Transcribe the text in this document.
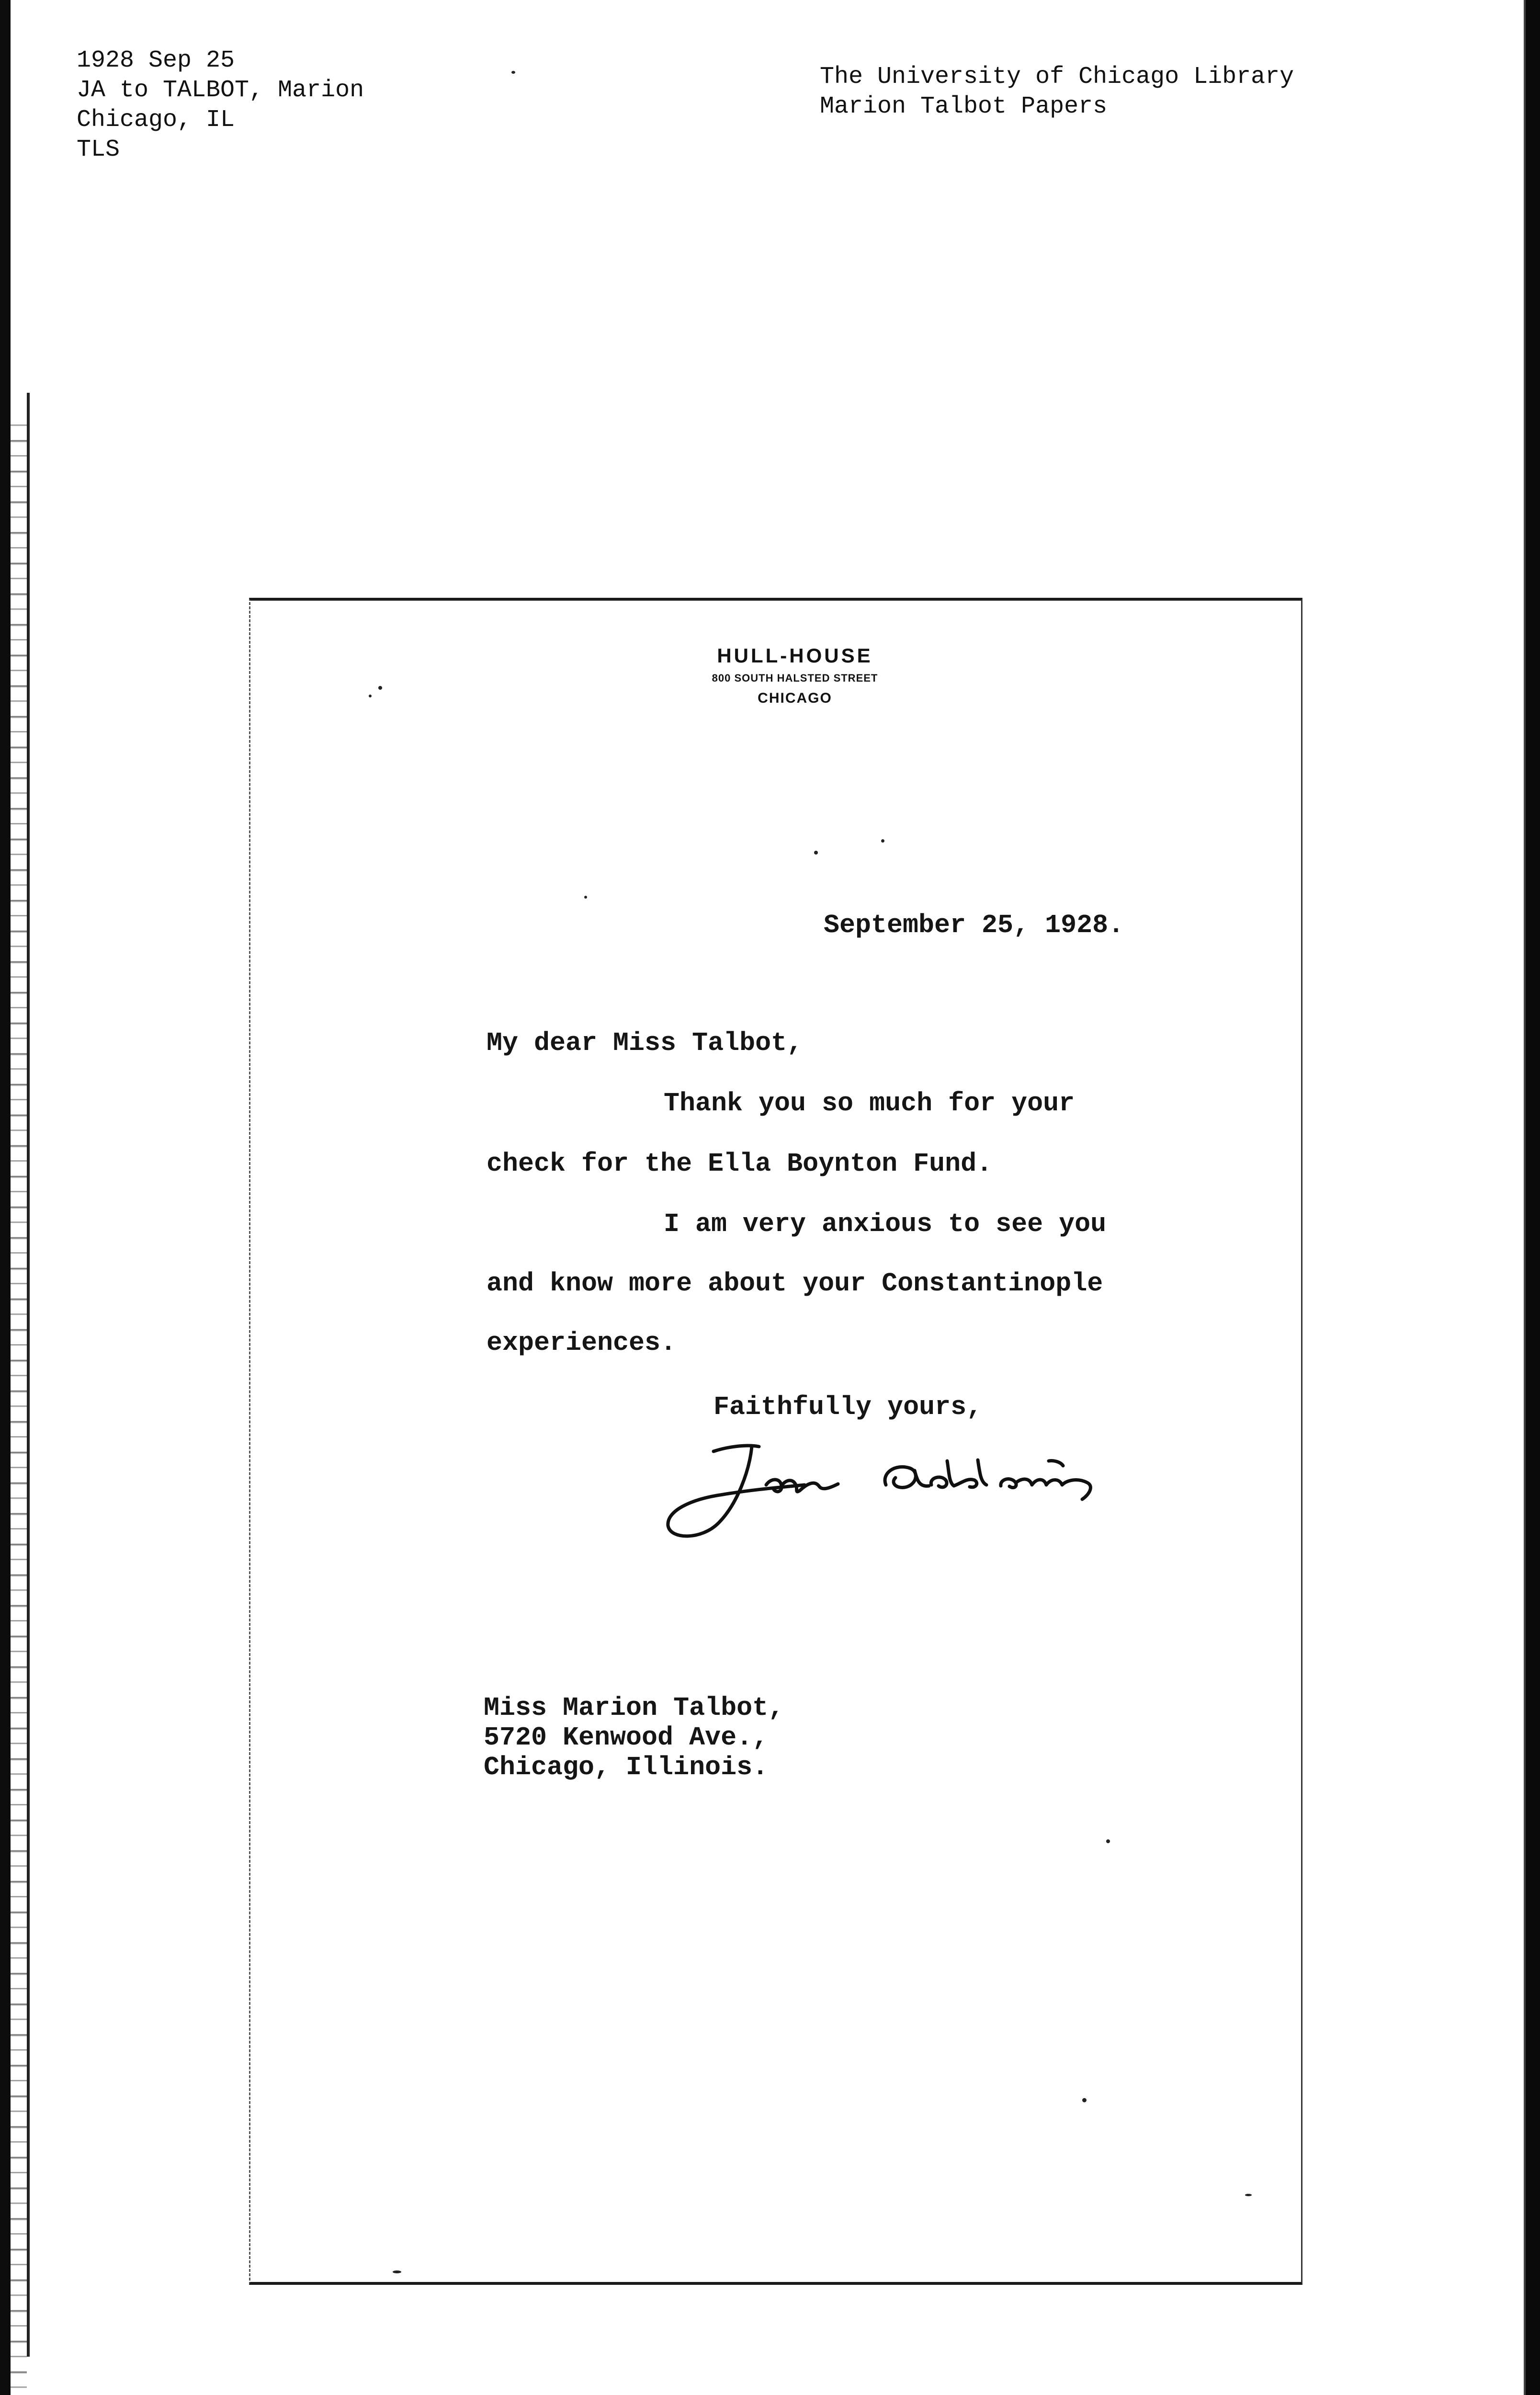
1928 Sep 25
JA to TALBOT, Marion
Chicago, IL
TLS
The University of Chicago Library
Marion Talbot Papers
HULL-HOUSE
800 SOUTH HALSTED STREET
CHICAGO
September 25, 1928.
My dear Miss Talbot,
Thank you so much for your
check for the Ella Boynton Fund.
I am very anxious to see you
and know more about your Constantinople
experiences.
Faithfully yours,
Miss Marion Talbot,
5720 Kenwood Ave.,
Chicago, Illinois.
